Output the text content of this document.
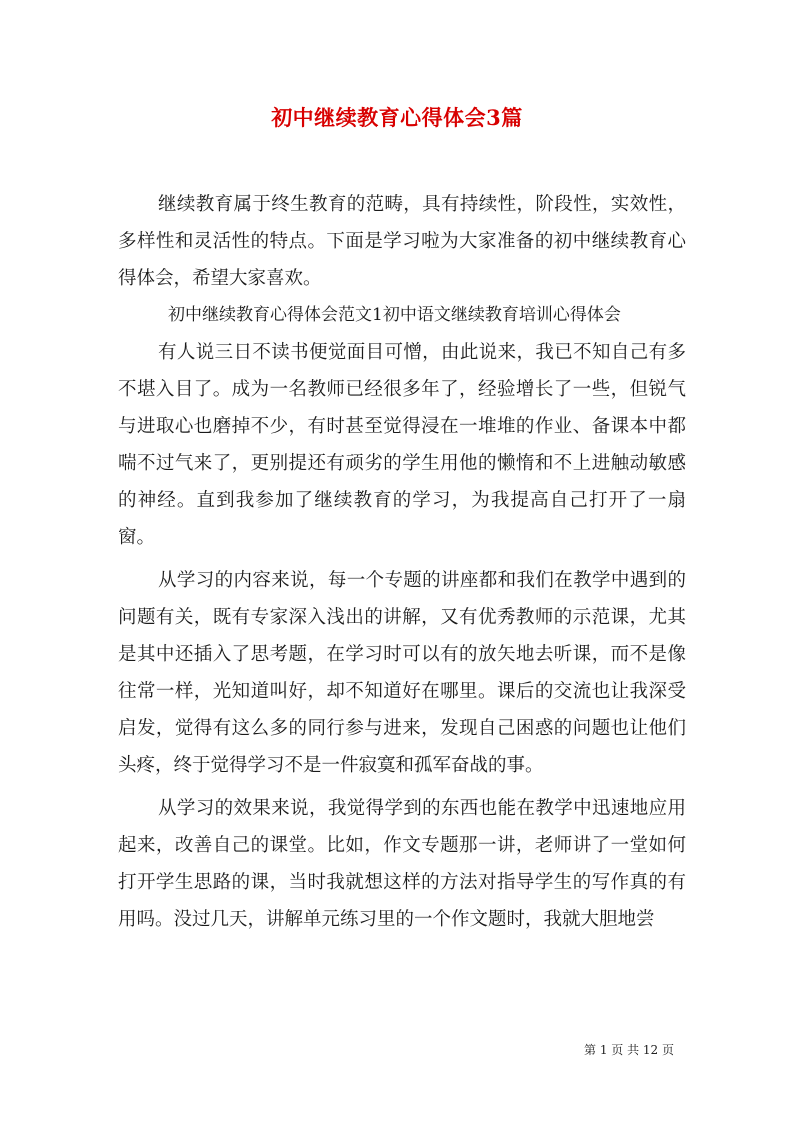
初中继续教育心得体会3篇

继续教育属于终生教育的范畴，具有持续性，阶段性，实效性，多样性和灵活性的特点。下面是学习啦为大家准备的初中继续教育心得体会，希望大家喜欢。

初中继续教育心得体会范文1初中语文继续教育培训心得体会

有人说三日不读书便觉面目可憎，由此说来，我已不知自己有多不堪入目了。成为一名教师已经很多年了，经验增长了一些，但锐气与进取心也磨掉不少，有时甚至觉得浸在一堆堆的作业、备课本中都喘不过气来了，更别提还有顽劣的学生用他的懒惰和不上进触动敏感的神经。直到我参加了继续教育的学习，为我提高自己打开了一扇窗。

从学习的内容来说，每一个专题的讲座都和我们在教学中遇到的问题有关，既有专家深入浅出的讲解，又有优秀教师的示范课，尤其是其中还插入了思考题，在学习时可以有的放矢地去听课，而不是像往常一样，光知道叫好，却不知道好在哪里。课后的交流也让我深受启发，觉得有这么多的同行参与进来，发现自己困惑的问题也让他们头疼，终于觉得学习不是一件寂寞和孤军奋战的事。

从学习的效果来说，我觉得学到的东西也能在教学中迅速地应用起来，改善自己的课堂。比如，作文专题那一讲，老师讲了一堂如何打开学生思路的课，当时我就想这样的方法对指导学生的写作真的有用吗。没过几天，讲解单元练习里的一个作文题时，我就大胆地尝

第 1 页 共 12 页
